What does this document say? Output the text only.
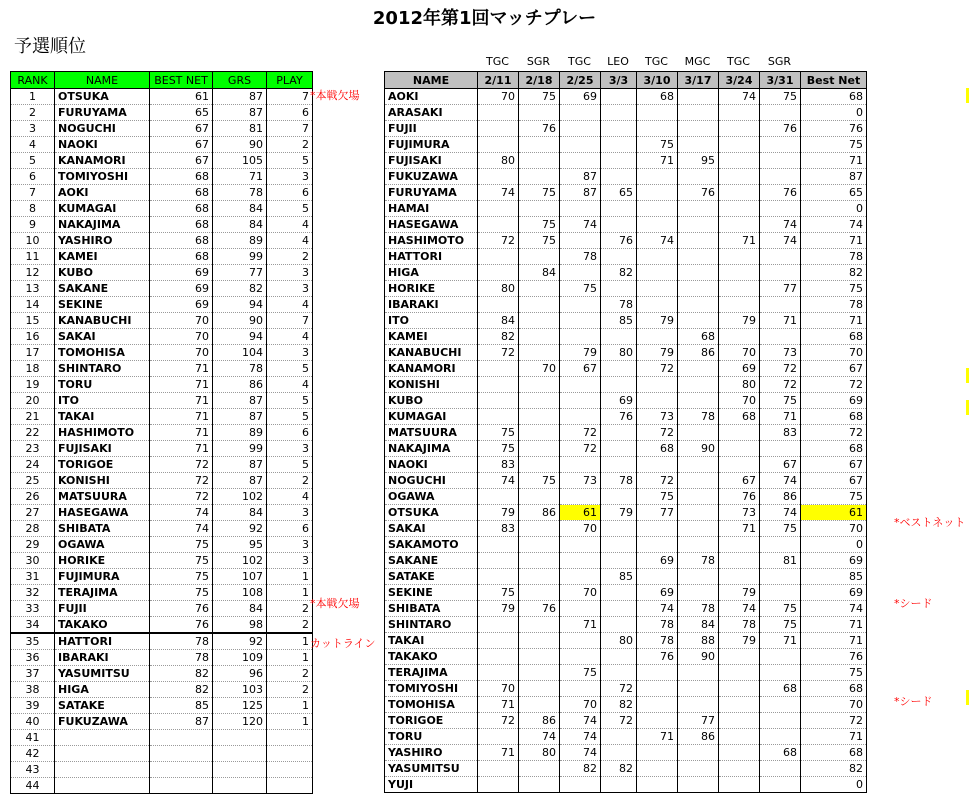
2012年第1回マッチプレー
予選順位
RANK	NAME	BEST NET	GRS	PLAY
1	OTSUKA	61	87	7
2	FURUYAMA	65	87	6
3	NOGUCHI	67	81	7
4	NAOKI	67	90	2
5	KANAMORI	67	105	5
6	TOMIYOSHI	68	71	3
7	AOKI	68	78	6
8	KUMAGAI	68	84	5
9	NAKAJIMA	68	84	4
10	YASHIRO	68	89	4
11	KAMEI	68	99	2
12	KUBO	69	77	3
13	SAKANE	69	82	3
14	SEKINE	69	94	4
15	KANABUCHI	70	90	7
16	SAKAI	70	94	4
17	TOMOHISA	70	104	3
18	SHINTARO	71	78	5
19	TORU	71	86	4
20	ITO	71	87	5
21	TAKAI	71	87	5
22	HASHIMOTO	71	89	6
23	FUJISAKI	71	99	3
24	TORIGOE	72	87	5
25	KONISHI	72	87	2
26	MATSUURA	72	102	4
27	HASEGAWA	74	84	3
28	SHIBATA	74	92	6
29	OGAWA	75	95	3
30	HORIKE	75	102	3
31	FUJIMURA	75	107	1
32	TERAJIMA	75	108	1
33	FUJII	76	84	2
34	TAKAKO	76	98	2
35	HATTORI	78	92	1
36	IBARAKI	78	109	1
37	YASUMITSU	82	96	2
38	HIGA	82	103	2
39	SATAKE	85	125	1
40	FUKUZAWA	87	120	1
41				
42				
43				
44				
TGC	SGR	TGC	LEO	TGC	MGC	TGC	SGR
NAME	2/11	2/18	2/25	3/3	3/10	3/17	3/24	3/31	Best Net
AOKI	70	75	69		68		74	75	68
ARASAKI									0
FUJII		76						76	76
FUJIMURA					75				75
FUJISAKI	80				71	95			71
FUKUZAWA			87						87
FURUYAMA	74	75	87	65		76		76	65
HAMAI									0
HASEGAWA		75	74					74	74
HASHIMOTO	72	75		76	74		71	74	71
HATTORI			78						78
HIGA		84		82					82
HORIKE	80		75					77	75
IBARAKI				78					78
ITO	84			85	79		79	71	71
KAMEI	82					68			68
KANABUCHI	72		79	80	79	86	70	73	70
KANAMORI		70	67		72		69	72	67
KONISHI							80	72	72
KUBO				69			70	75	69
KUMAGAI				76	73	78	68	71	68
MATSUURA	75		72		72			83	72
NAKAJIMA	75		72		68	90			68
NAOKI	83							67	67
NOGUCHI	74	75	73	78	72		67	74	67
OGAWA					75		76	86	75
OTSUKA	79	86	61	79	77		73	74	61
SAKAI	83		70				71	75	70
SAKAMOTO									0
SAKANE					69	78		81	69
SATAKE				85					85
SEKINE	75		70		69		79		69
SHIBATA	79	76			74	78	74	75	74
SHINTARO			71		78	84	78	75	71
TAKAI				80	78	88	79	71	71
TAKAKO					76	90			76
TERAJIMA			75						75
TOMIYOSHI	70			72				68	68
TOMOHISA	71		70	82					70
TORIGOE	72	86	74	72		77			72
TORU		74	74		71	86			71
YASHIRO	71	80	74					68	68
YASUMITSU			82	82					82
YUJI									0
*本戦欠場
*本戦欠場
カットライン
*ベストネット
*シード
*シード
